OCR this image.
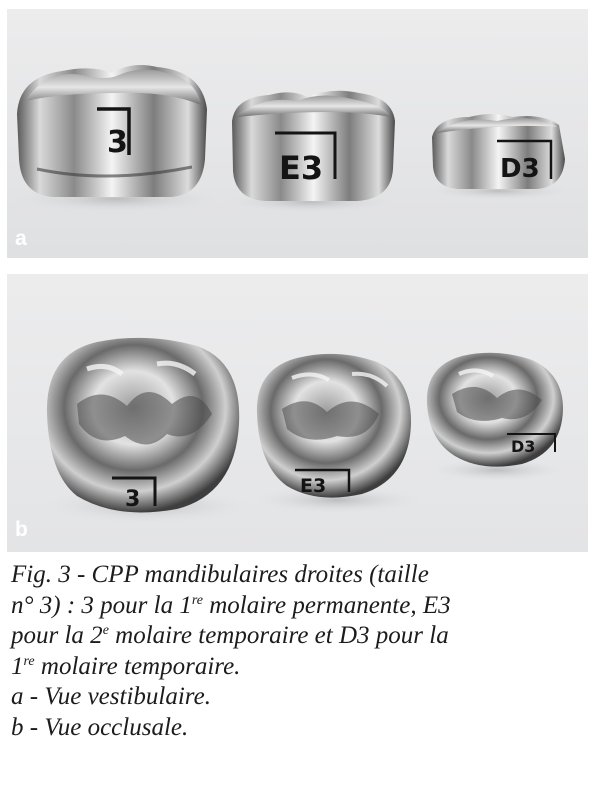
3
E3	D3
a
3
E3
D3
b

Fig. 3 - CPP mandibulaires droites (taille

n° 3) : 3 pour la 1re molaire permanente, E3

pour la 2e molaire temporaire et D3 pour la

1re molaire temporaire.

a - Vue vestibulaire.

b - Vue occlusale.
